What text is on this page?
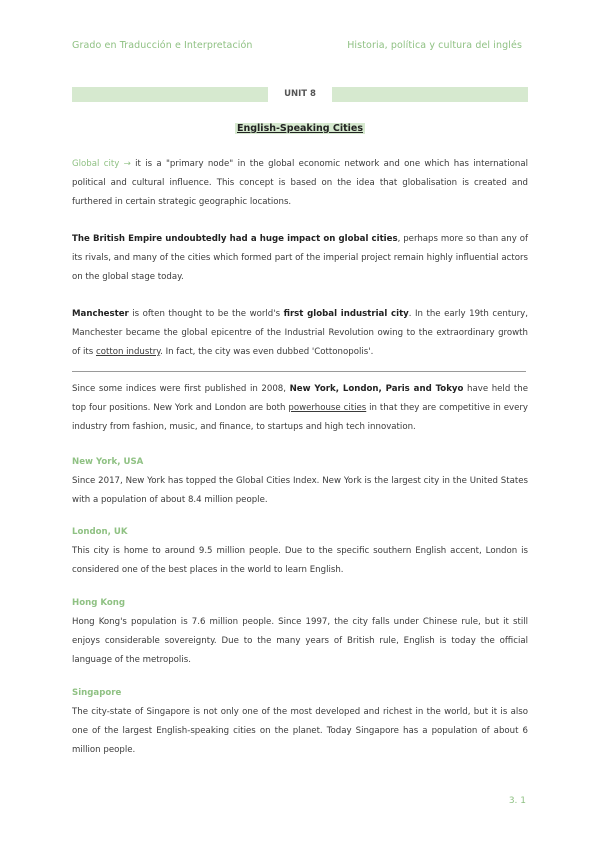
Grado en Traducción e Interpretación	Historia, política y cultura del inglés
UNIT 8
English-Speaking Cities
Global city → it is a "primary node" in the global economic network and one which has international political and cultural influence. This concept is based on the idea that globalisation is created and furthered in certain strategic geographic locations.
The British Empire undoubtedly had a huge impact on global cities, perhaps more so than any of its rivals, and many of the cities which formed part of the imperial project remain highly influential actors on the global stage today.
Manchester is often thought to be the world's first global industrial city. In the early 19th century, Manchester became the global epicentre of the Industrial Revolution owing to the extraordinary growth of its cotton industry. In fact, the city was even dubbed 'Cottonopolis'.
Since some indices were first published in 2008, New York, London, Paris and Tokyo have held the top four positions. New York and London are both powerhouse cities in that they are competitive in every industry from fashion, music, and finance, to startups and high tech innovation.
New York, USA
Since 2017, New York has topped the Global Cities Index. New York is the largest city in the United States with a population of about 8.4 million people.
London, UK
This city is home to around 9.5 million people. Due to the specific southern English accent, London is considered one of the best places in the world to learn English.
Hong Kong
Hong Kong's population is 7.6 million people. Since 1997, the city falls under Chinese rule, but it still enjoys considerable sovereignty. Due to the many years of British rule, English is today the official language of the metropolis.
Singapore
The city-state of Singapore is not only one of the most developed and richest in the world, but it is also one of the largest English-speaking cities on the planet. Today Singapore has a population of about 6 million people.
3. 1
